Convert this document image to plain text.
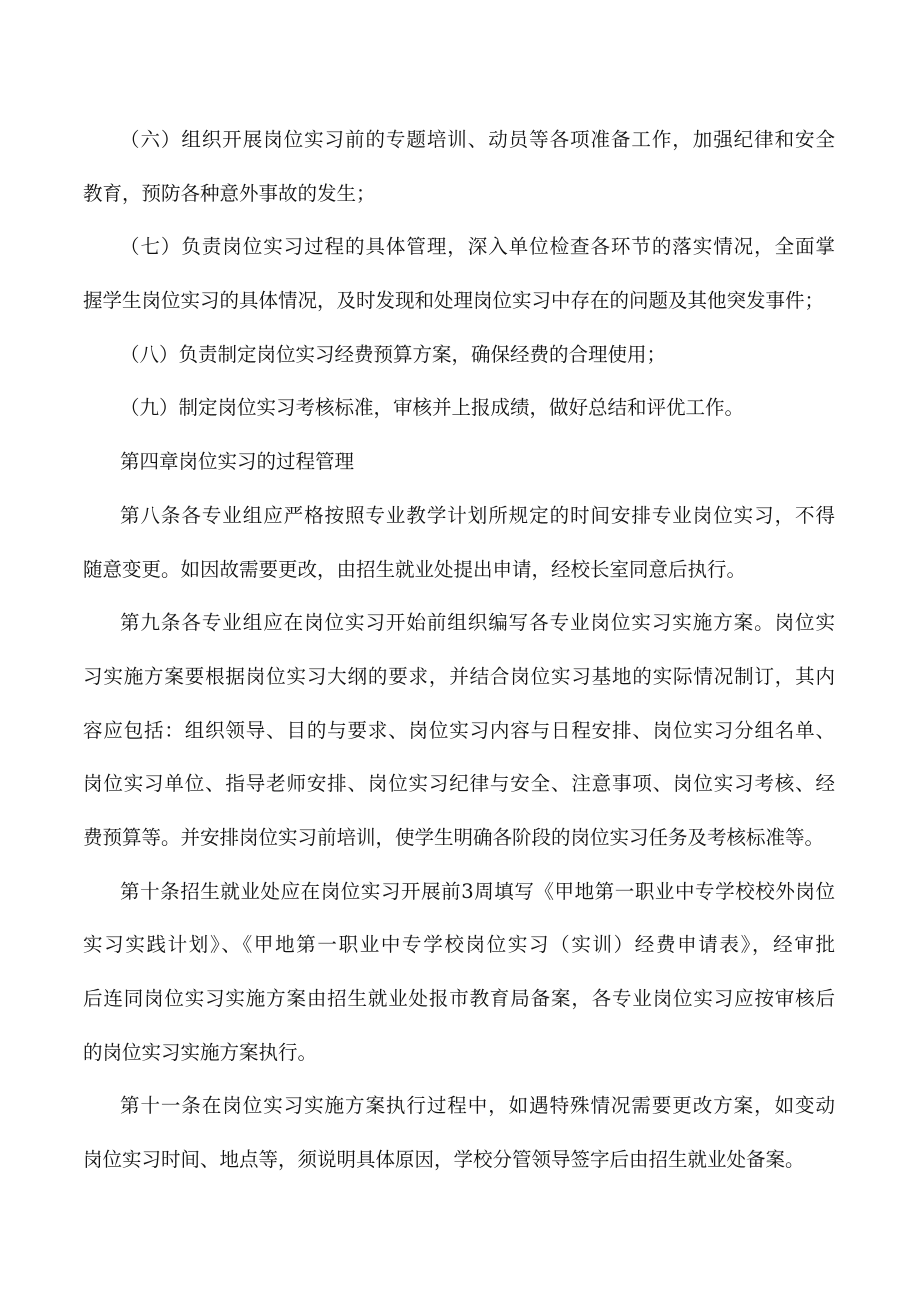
（六）组织开展岗位实习前的专题培训、动员等各项准备工作，加强纪律和安全
教育，预防各种意外事故的发生；
（七）负责岗位实习过程的具体管理，深入单位检查各环节的落实情况，全面掌
握学生岗位实习的具体情况，及时发现和处理岗位实习中存在的问题及其他突发事件；
（八）负责制定岗位实习经费预算方案，确保经费的合理使用；
（九）制定岗位实习考核标准，审核并上报成绩，做好总结和评优工作。
第四章岗位实习的过程管理
第八条各专业组应严格按照专业教学计划所规定的时间安排专业岗位实习，不得
随意变更。如因故需要更改，由招生就业处提出申请，经校长室同意后执行。
第九条各专业组应在岗位实习开始前组织编写各专业岗位实习实施方案。岗位实
习实施方案要根据岗位实习大纲的要求，并结合岗位实习基地的实际情况制订，其内
容应包括：组织领导、目的与要求、岗位实习内容与日程安排、岗位实习分组名单、
岗位实习单位、指导老师安排、岗位实习纪律与安全、注意事项、岗位实习考核、经
费预算等。并安排岗位实习前培训，使学生明确各阶段的岗位实习任务及考核标准等。
第十条招生就业处应在岗位实习开展前3周填写《甲地第一职业中专学校校外岗位
实习实践计划》、《甲地第一职业中专学校岗位实习（实训）经费申请表》，经审批
后连同岗位实习实施方案由招生就业处报市教育局备案，各专业岗位实习应按审核后
的岗位实习实施方案执行。
第十一条在岗位实习实施方案执行过程中，如遇特殊情况需要更改方案，如变动
岗位实习时间、地点等，须说明具体原因，学校分管领导签字后由招生就业处备案。
